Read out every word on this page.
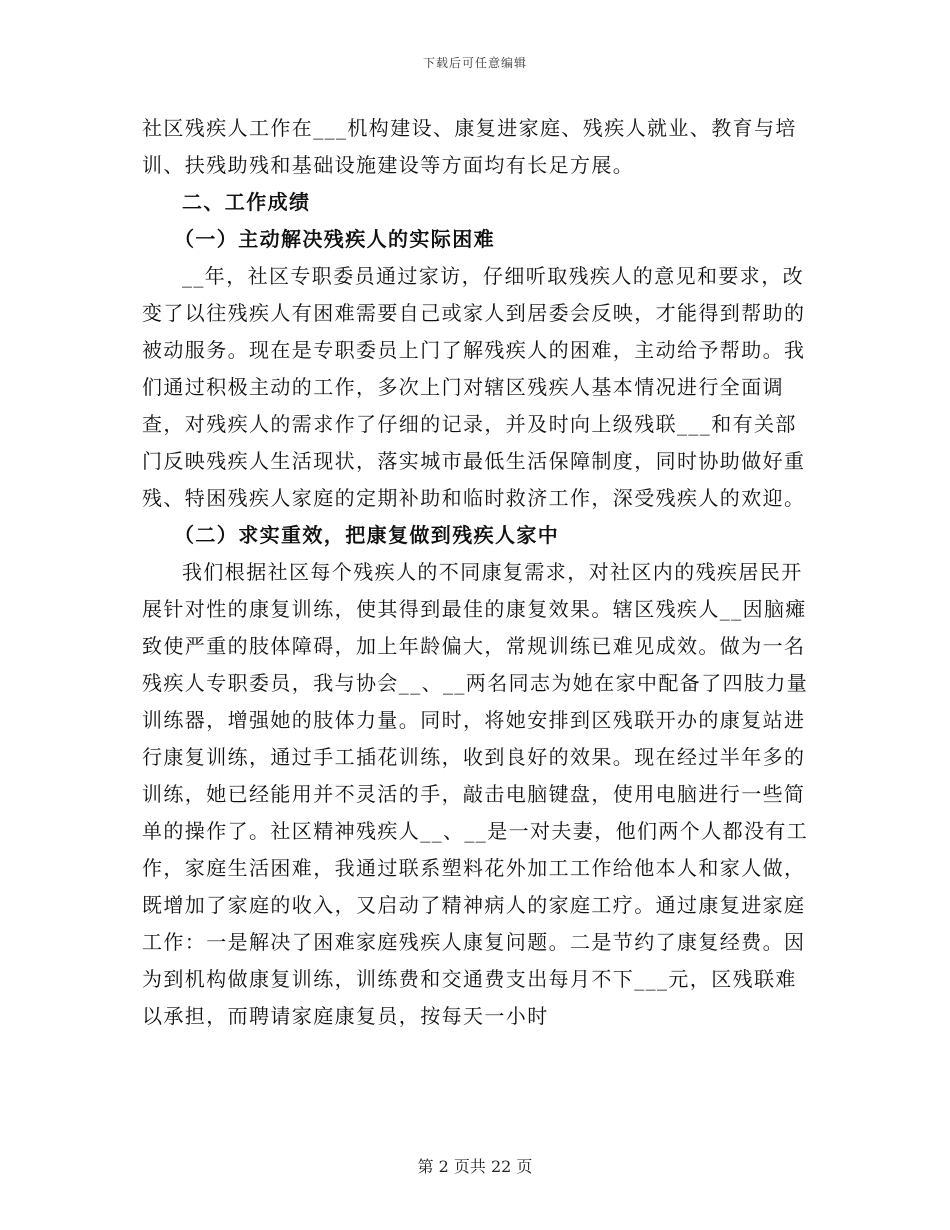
下载后可任意编辑

社区残疾人工作在___机构建设、康复进家庭、残疾人就业、教育与培训、扶残助残和基础设施建设等方面均有长足方展。

二、工作成绩

（一）主动解决残疾人的实际困难

__年，社区专职委员通过家访，仔细听取残疾人的意见和要求，改变了以往残疾人有困难需要自己或家人到居委会反映，才能得到帮助的被动服务。现在是专职委员上门了解残疾人的困难，主动给予帮助。我们通过积极主动的工作，多次上门对辖区残疾人基本情况进行全面调查，对残疾人的需求作了仔细的记录，并及时向上级残联___和有关部门反映残疾人生活现状，落实城市最低生活保障制度，同时协助做好重残、特困残疾人家庭的定期补助和临时救济工作，深受残疾人的欢迎。

（二）求实重效，把康复做到残疾人家中

我们根据社区每个残疾人的不同康复需求，对社区内的残疾居民开展针对性的康复训练，使其得到最佳的康复效果。辖区残疾人__因脑瘫致使严重的肢体障碍，加上年龄偏大，常规训练已难见成效。做为一名残疾人专职委员，我与协会__、__两名同志为她在家中配备了四肢力量训练器，增强她的肢体力量。同时，将她安排到区残联开办的康复站进行康复训练，通过手工插花训练，收到良好的效果。现在经过半年多的训练，她已经能用并不灵活的手，敲击电脑键盘，使用电脑进行一些简单的操作了。社区精神残疾人__、__是一对夫妻，他们两个人都没有工作，家庭生活困难，我通过联系塑料花外加工工作给他本人和家人做，既增加了家庭的收入，又启动了精神病人的家庭工疗。通过康复进家庭工作：一是解决了困难家庭残疾人康复问题。二是节约了康复经费。因为到机构做康复训练，训练费和交通费支出每月不下___元，区残联难以承担，而聘请家庭康复员，按每天一小时

第 2 页共 22 页
